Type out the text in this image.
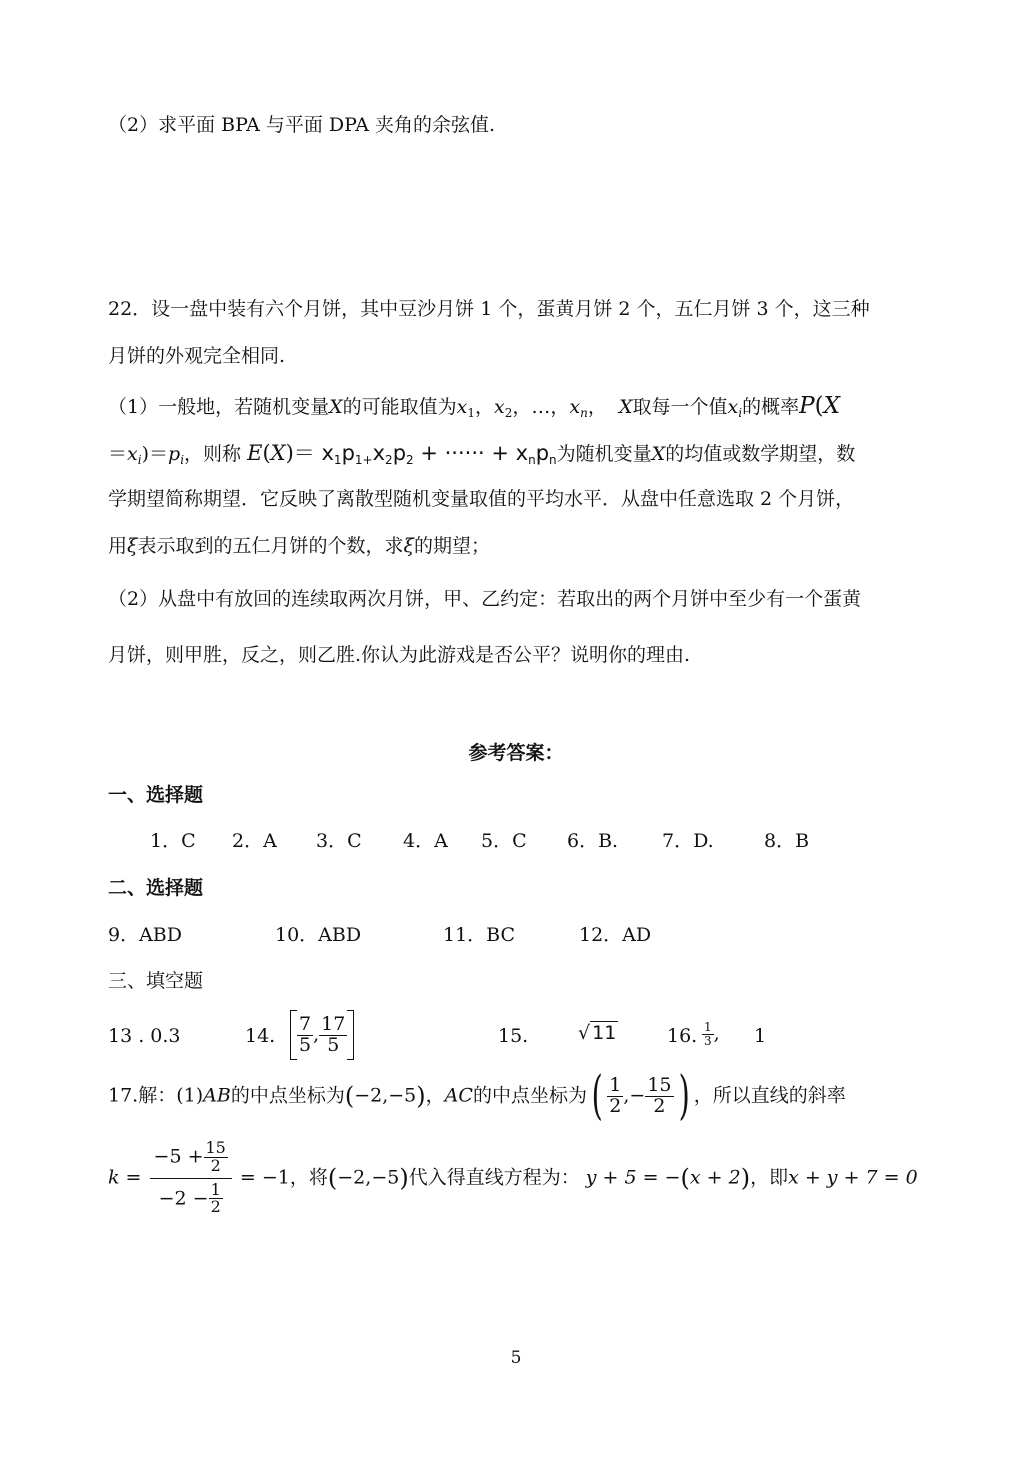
（2）求平面 BPA 与平面 DPA 夹角的余弦值.
22．设一盘中装有六个月饼，其中豆沙月饼 1 个，蛋黄月饼 2 个，五仁月饼 3 个，这三种
月饼的外观完全相同.
（1）一般地，若随机变量X的可能取值为$x_1$，$x_2$，…，$x_n$， X取每一个值$x_i$的概率P(X
$=x_i)=p_i$，则称 $E(X)= x_1p_{1+}x_2p_2$ + ······ + $x_np_n$为随机变量X的均值或数学期望，数
学期望简称期望．它反映了离散型随机变量取值的平均水平．从盘中任意选取 2 个月饼，
用ξ表示取到的五仁月饼的个数，求ξ的期望；
（2）从盘中有放回的连续取两次月饼，甲、乙约定：若取出的两个月饼中至少有一个蛋黄
月饼，则甲胜，反之，则乙胜.你认为此游戏是否公平？说明你的理由.
参考答案：
一、选择题
1．C 2．A 3．C 4．A 5．C 6．B. 7．D.	8．B
二、选择题
9．ABD	10．ABD	11．BC	12．AD
三、填空题
13 . 0.3	14. $\frac{7}{5}$ , $\frac{17}{5}$	15.	√ 11	16. $\frac{1}{3}$ , 1
17.解：(1)AB的中点坐标为(−2,−5)，AC的中点坐标为( $\frac{1}{2}$ ,− $\frac{15}{2}$ ) ，所以直线的斜率
$k = \frac{-5 + \frac{15}{2}}{-2 - \frac{1}{2}} = -1$，将(−2,−5)代入得直线方程为： y + 5 = −(x + 2)，即x + y + 7 = 0
5
